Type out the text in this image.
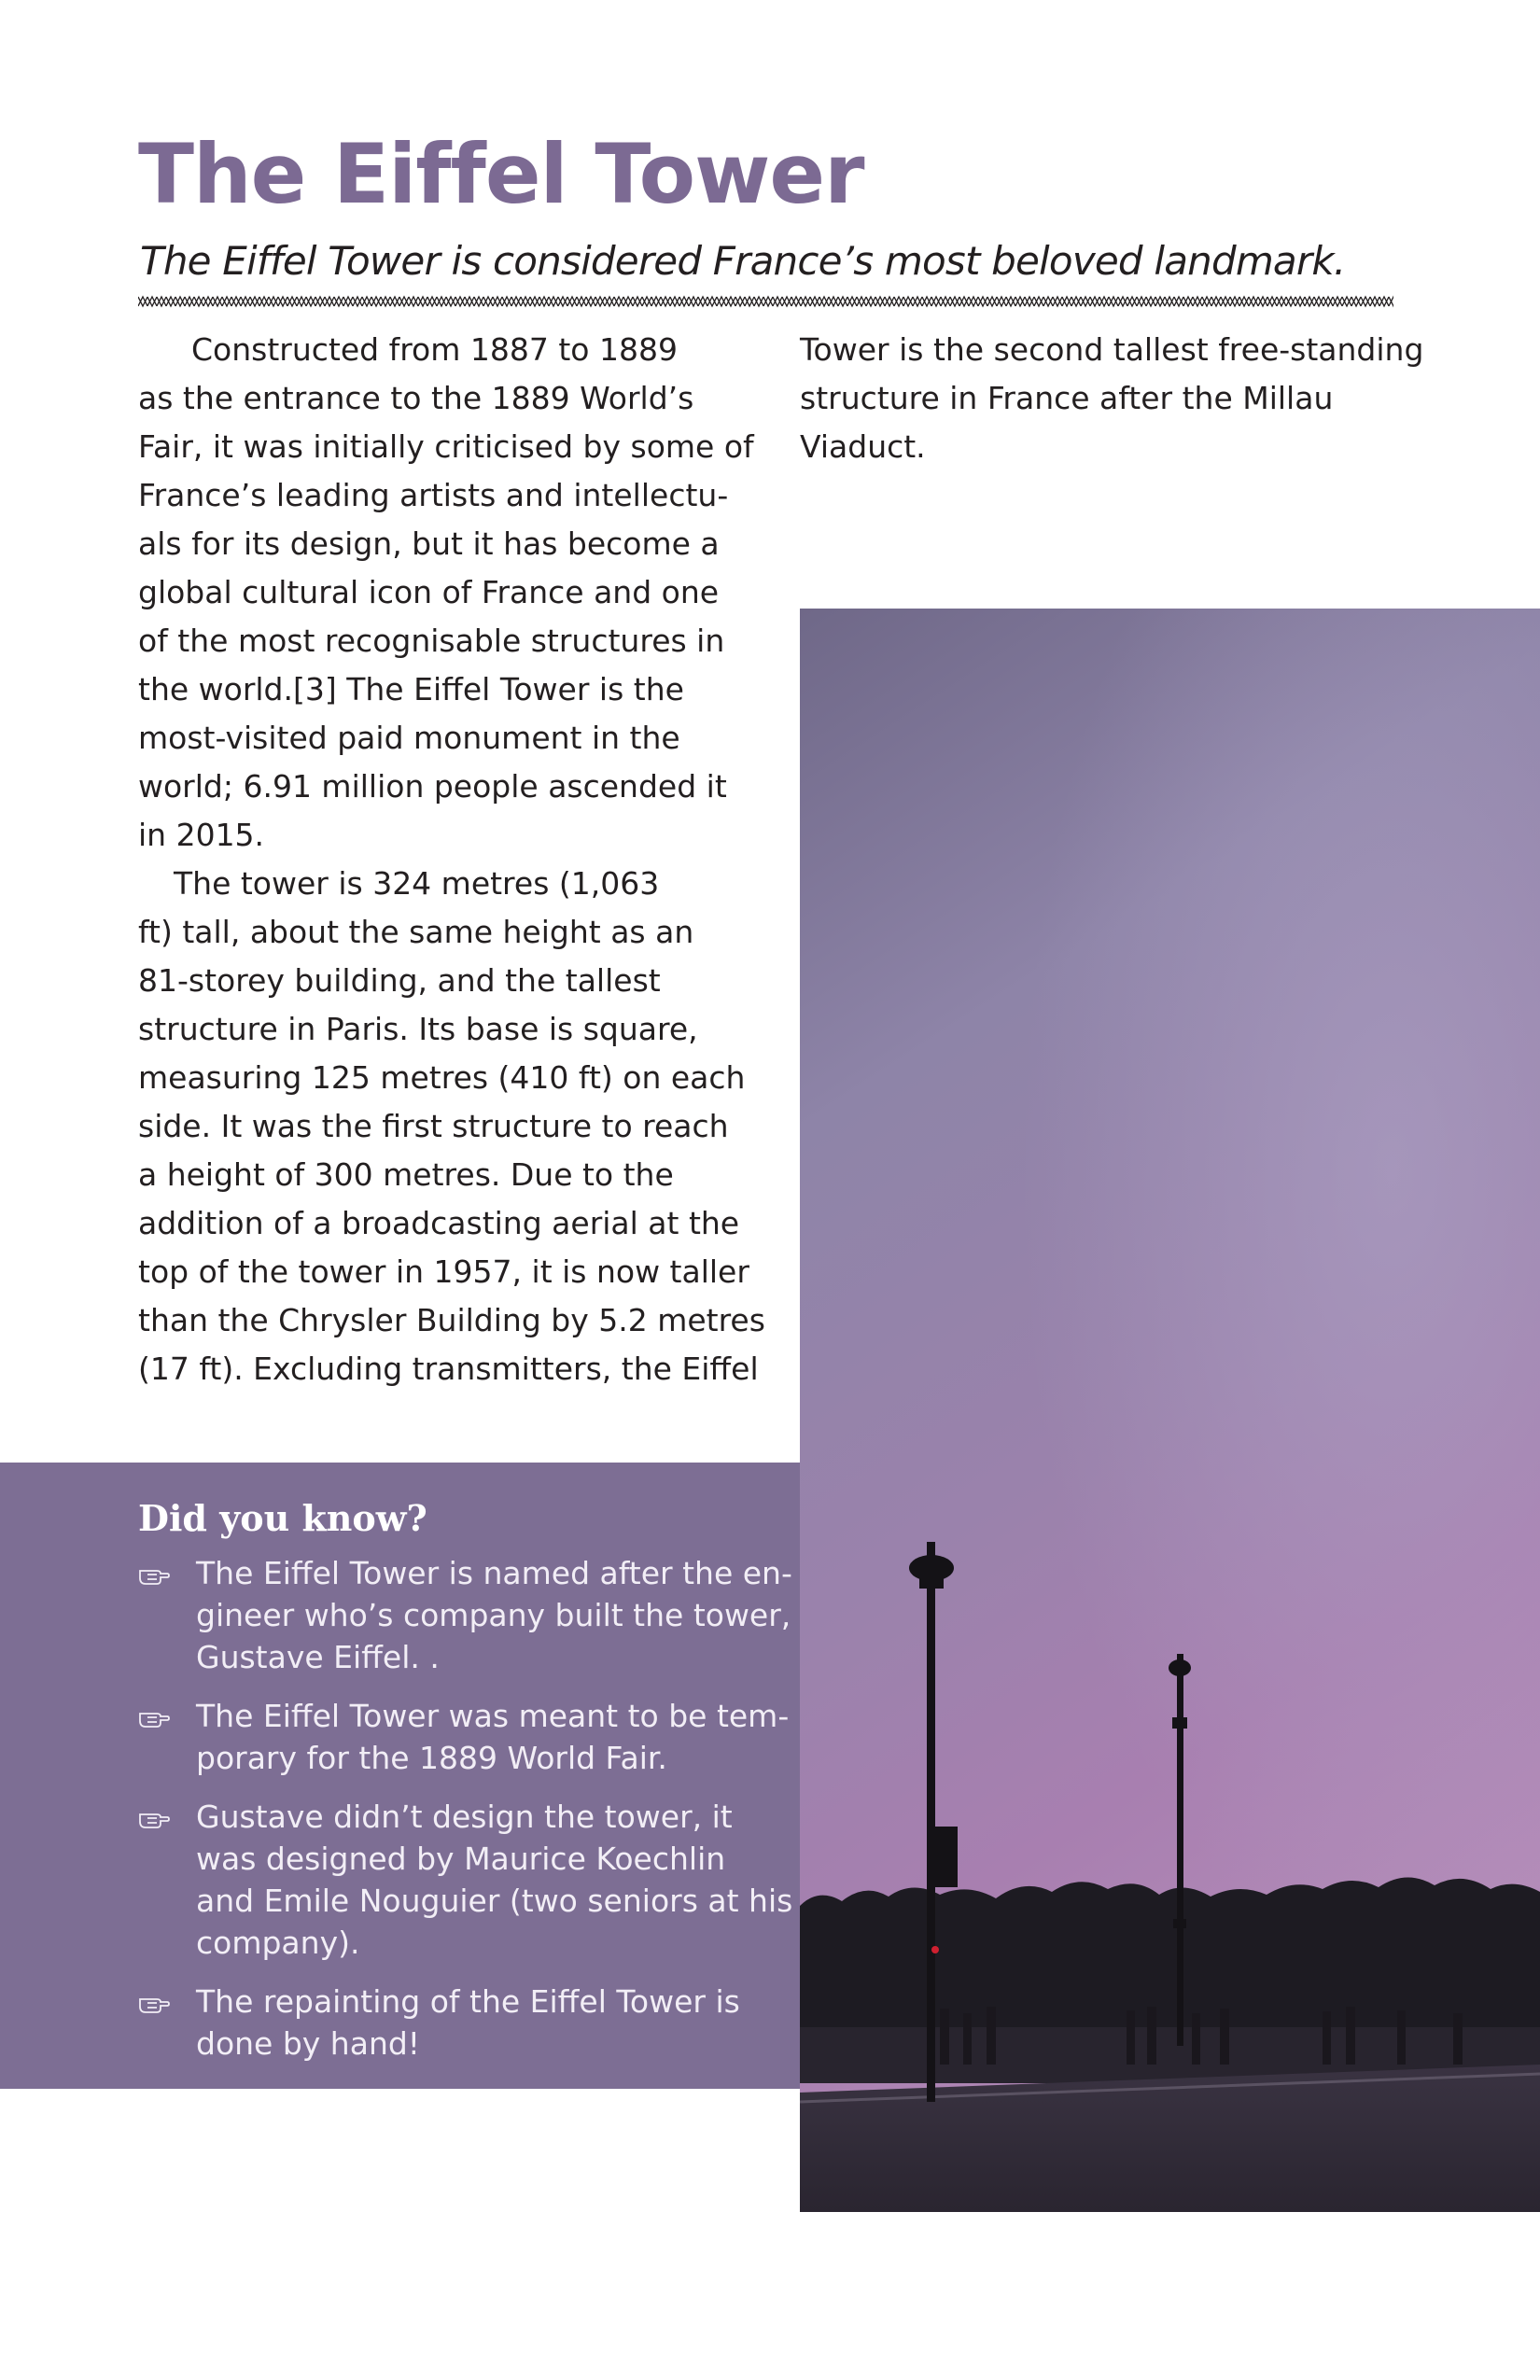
The Eiffel Tower

The Eiffel Tower is considered France’s most beloved landmark.

Constructed from 1887 to 1889
as the entrance to the 1889 World’s
Fair, it was initially criticised by some of
France’s leading artists and intellectu-
als for its design, but it has become a
global cultural icon of France and one
of the most recognisable structures in
the world.[3] The Eiffel Tower is the
most-visited paid monument in the
world; 6.91 million people ascended it
in 2015.

The tower is 324 metres (1,063
ft) tall, about the same height as an
81-storey building, and the tallest
structure in Paris. Its base is square,
measuring 125 metres (410 ft) on each
side. It was the first structure to reach
a height of 300 metres. Due to the
addition of a broadcasting aerial at the
top of the tower in 1957, it is now taller
than the Chrysler Building by 5.2 metres
(17 ft). Excluding transmitters, the Eiffel

Tower is the second tallest free-standing
structure in France after the Millau
Viaduct.

Did you know?
The Eiffel Tower is named after the en-
gineer who’s company built the tower,
Gustave Eiffel. .
The Eiffel Tower was meant to be tem-
porary for the 1889 World Fair.
Gustave didn’t design the tower, it
was designed by Maurice Koechlin
and Emile Nouguier (two seniors at his
company).
The repainting of the Eiffel Tower is
done by hand!
